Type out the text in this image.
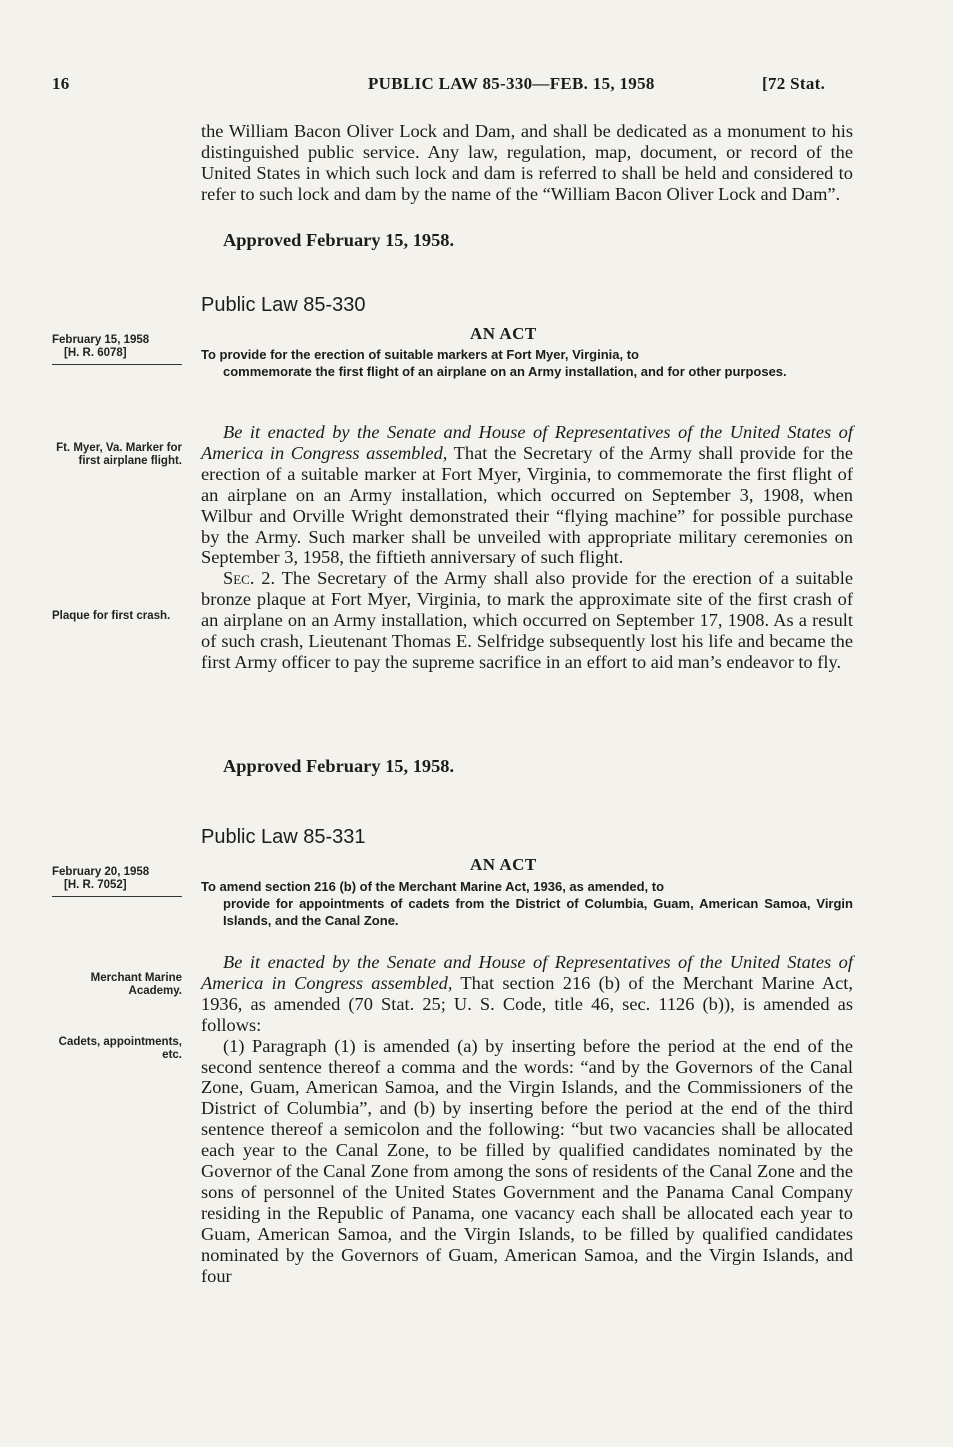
16	PUBLIC LAW 85-330—FEB. 15, 1958	[72 Stat.

the William Bacon Oliver Lock and Dam, and shall be dedicated as a monument to his distinguished public service. Any law, regulation, map, document, or record of the United States in which such lock and dam is referred to shall be held and considered to refer to such lock and dam by the name of the “William Bacon Oliver Lock and Dam”.

Approved February 15, 1958.
Public Law 85-330
February 15, 1958
[H. R. 6078]
AN ACT
To provide for the erection of suitable markers at Fort Myer, Virginia, to
commemorate the first flight of an airplane on an Army installation, and for other purposes.
Ft. Myer, Va. Marker for first airplane flight.

Be it enacted by the Senate and House of Representatives of the United States of America in Congress assembled, That the Secretary of the Army shall provide for the erection of a suitable marker at Fort Myer, Virginia, to commemorate the first flight of an airplane on an Army installation, which occurred on September 3, 1908, when Wilbur and Orville Wright demonstrated their “flying machine” for possible purchase by the Army. Such marker shall be unveiled with appropriate military ceremonies on September 3, 1958, the fiftieth anniversary of such flight.

Sec. 2. The Secretary of the Army shall also provide for the erection of a suitable bronze plaque at Fort Myer, Virginia, to mark the approximate site of the first crash of an airplane on an Army installation, which occurred on September 17, 1908. As a result of such crash, Lieutenant Thomas E. Selfridge subsequently lost his life and became the first Army officer to pay the supreme sacrifice in an effort to aid man’s endeavor to fly.

Plaque for first crash.
Approved February 15, 1958.
Public Law 85-331
February 20, 1958
[H. R. 7052]
AN ACT
To amend section 216 (b) of the Merchant Marine Act, 1936, as amended, to
provide for appointments of cadets from the District of Columbia, Guam, American Samoa, Virgin Islands, and the Canal Zone.
Merchant Marine Academy.

Be it enacted by the Senate and House of Representatives of the United States of America in Congress assembled, That section 216 (b) of the Merchant Marine Act, 1936, as amended (70 Stat. 25; U. S. Code, title 46, sec. 1126 (b)), is amended as follows:

(1) Paragraph (1) is amended (a) by inserting before the period at the end of the second sentence thereof a comma and the words: “and by the Governors of the Canal Zone, Guam, American Samoa, and the Virgin Islands, and the Commissioners of the District of Columbia”, and (b) by inserting before the period at the end of the third sentence thereof a semicolon and the following: “but two vacancies shall be allocated each year to the Canal Zone, to be filled by qualified candidates nominated by the Governor of the Canal Zone from among the sons of residents of the Canal Zone and the sons of personnel of the United States Government and the Panama Canal Company residing in the Republic of Panama, one vacancy each shall be allocated each year to Guam, American Samoa, and the Virgin Islands, to be filled by qualified candidates nominated by the Governors of Guam, American Samoa, and the Virgin Islands, and four

Cadets, appointments, etc.
